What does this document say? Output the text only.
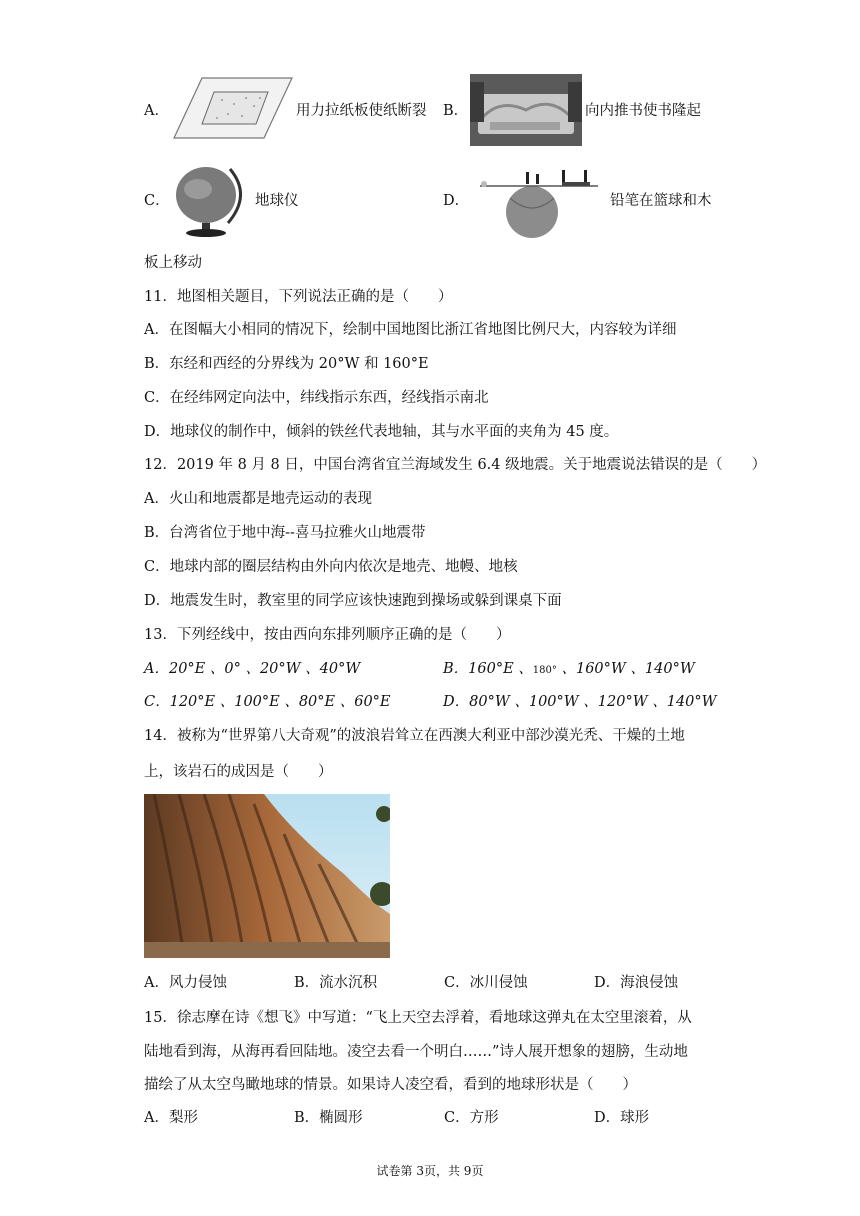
A．	用力拉纸板使纸断裂 B．	向内推书使书隆起
C．	地球仪	D．	铅笔在篮球和木
板上移动
11．地图相关题目，下列说法正确的是（　　）
A．在图幅大小相同的情况下，绘制中国地图比浙江省地图比例尺大，内容较为详细
B．东经和西经的分界线为 20°W 和 160°E
C．在经纬网定向法中，纬线指示东西，经线指示南北
D．地球仪的制作中，倾斜的铁丝代表地轴，其与水平面的夹角为 45 度。
12．2019 年 8 月 8 日，中国台湾省宜兰海域发生 6.4 级地震。关于地震说法错误的是（　　）
A．火山和地震都是地壳运动的表现
B．台湾省位于地中海--喜马拉雅火山地震带
C．地球内部的圈层结构由外向内依次是地壳、地幔、地核
D．地震发生时，教室里的同学应该快速跑到操场或躲到课桌下面
13．下列经线中，按由西向东排列顺序正确的是（　　）
A．20°E 、0° 、20°W 、40°W	B．160°E 、180° 、160°W 、140°W
C．120°E 、100°E 、80°E 、60°E	D．80°W 、100°W 、120°W 、140°W
14．被称为“世界第八大奇观”的波浪岩耸立在西澳大利亚中部沙漠光秃、干燥的土地
上，该岩石的成因是（　　）
A．风力侵蚀	B．流水沉积	C．冰川侵蚀	D．海浪侵蚀
15．徐志摩在诗《想飞》中写道：“飞上天空去浮着，看地球这弹丸在太空里滚着，从
陆地看到海，从海再看回陆地。凌空去看一个明白……”诗人展开想象的翅膀，生动地
描绘了从太空鸟瞰地球的情景。如果诗人凌空看，看到的地球形状是（　　）
A．梨形	B．椭圆形	C．方形	D．球形
试卷第 3页，共 9页
